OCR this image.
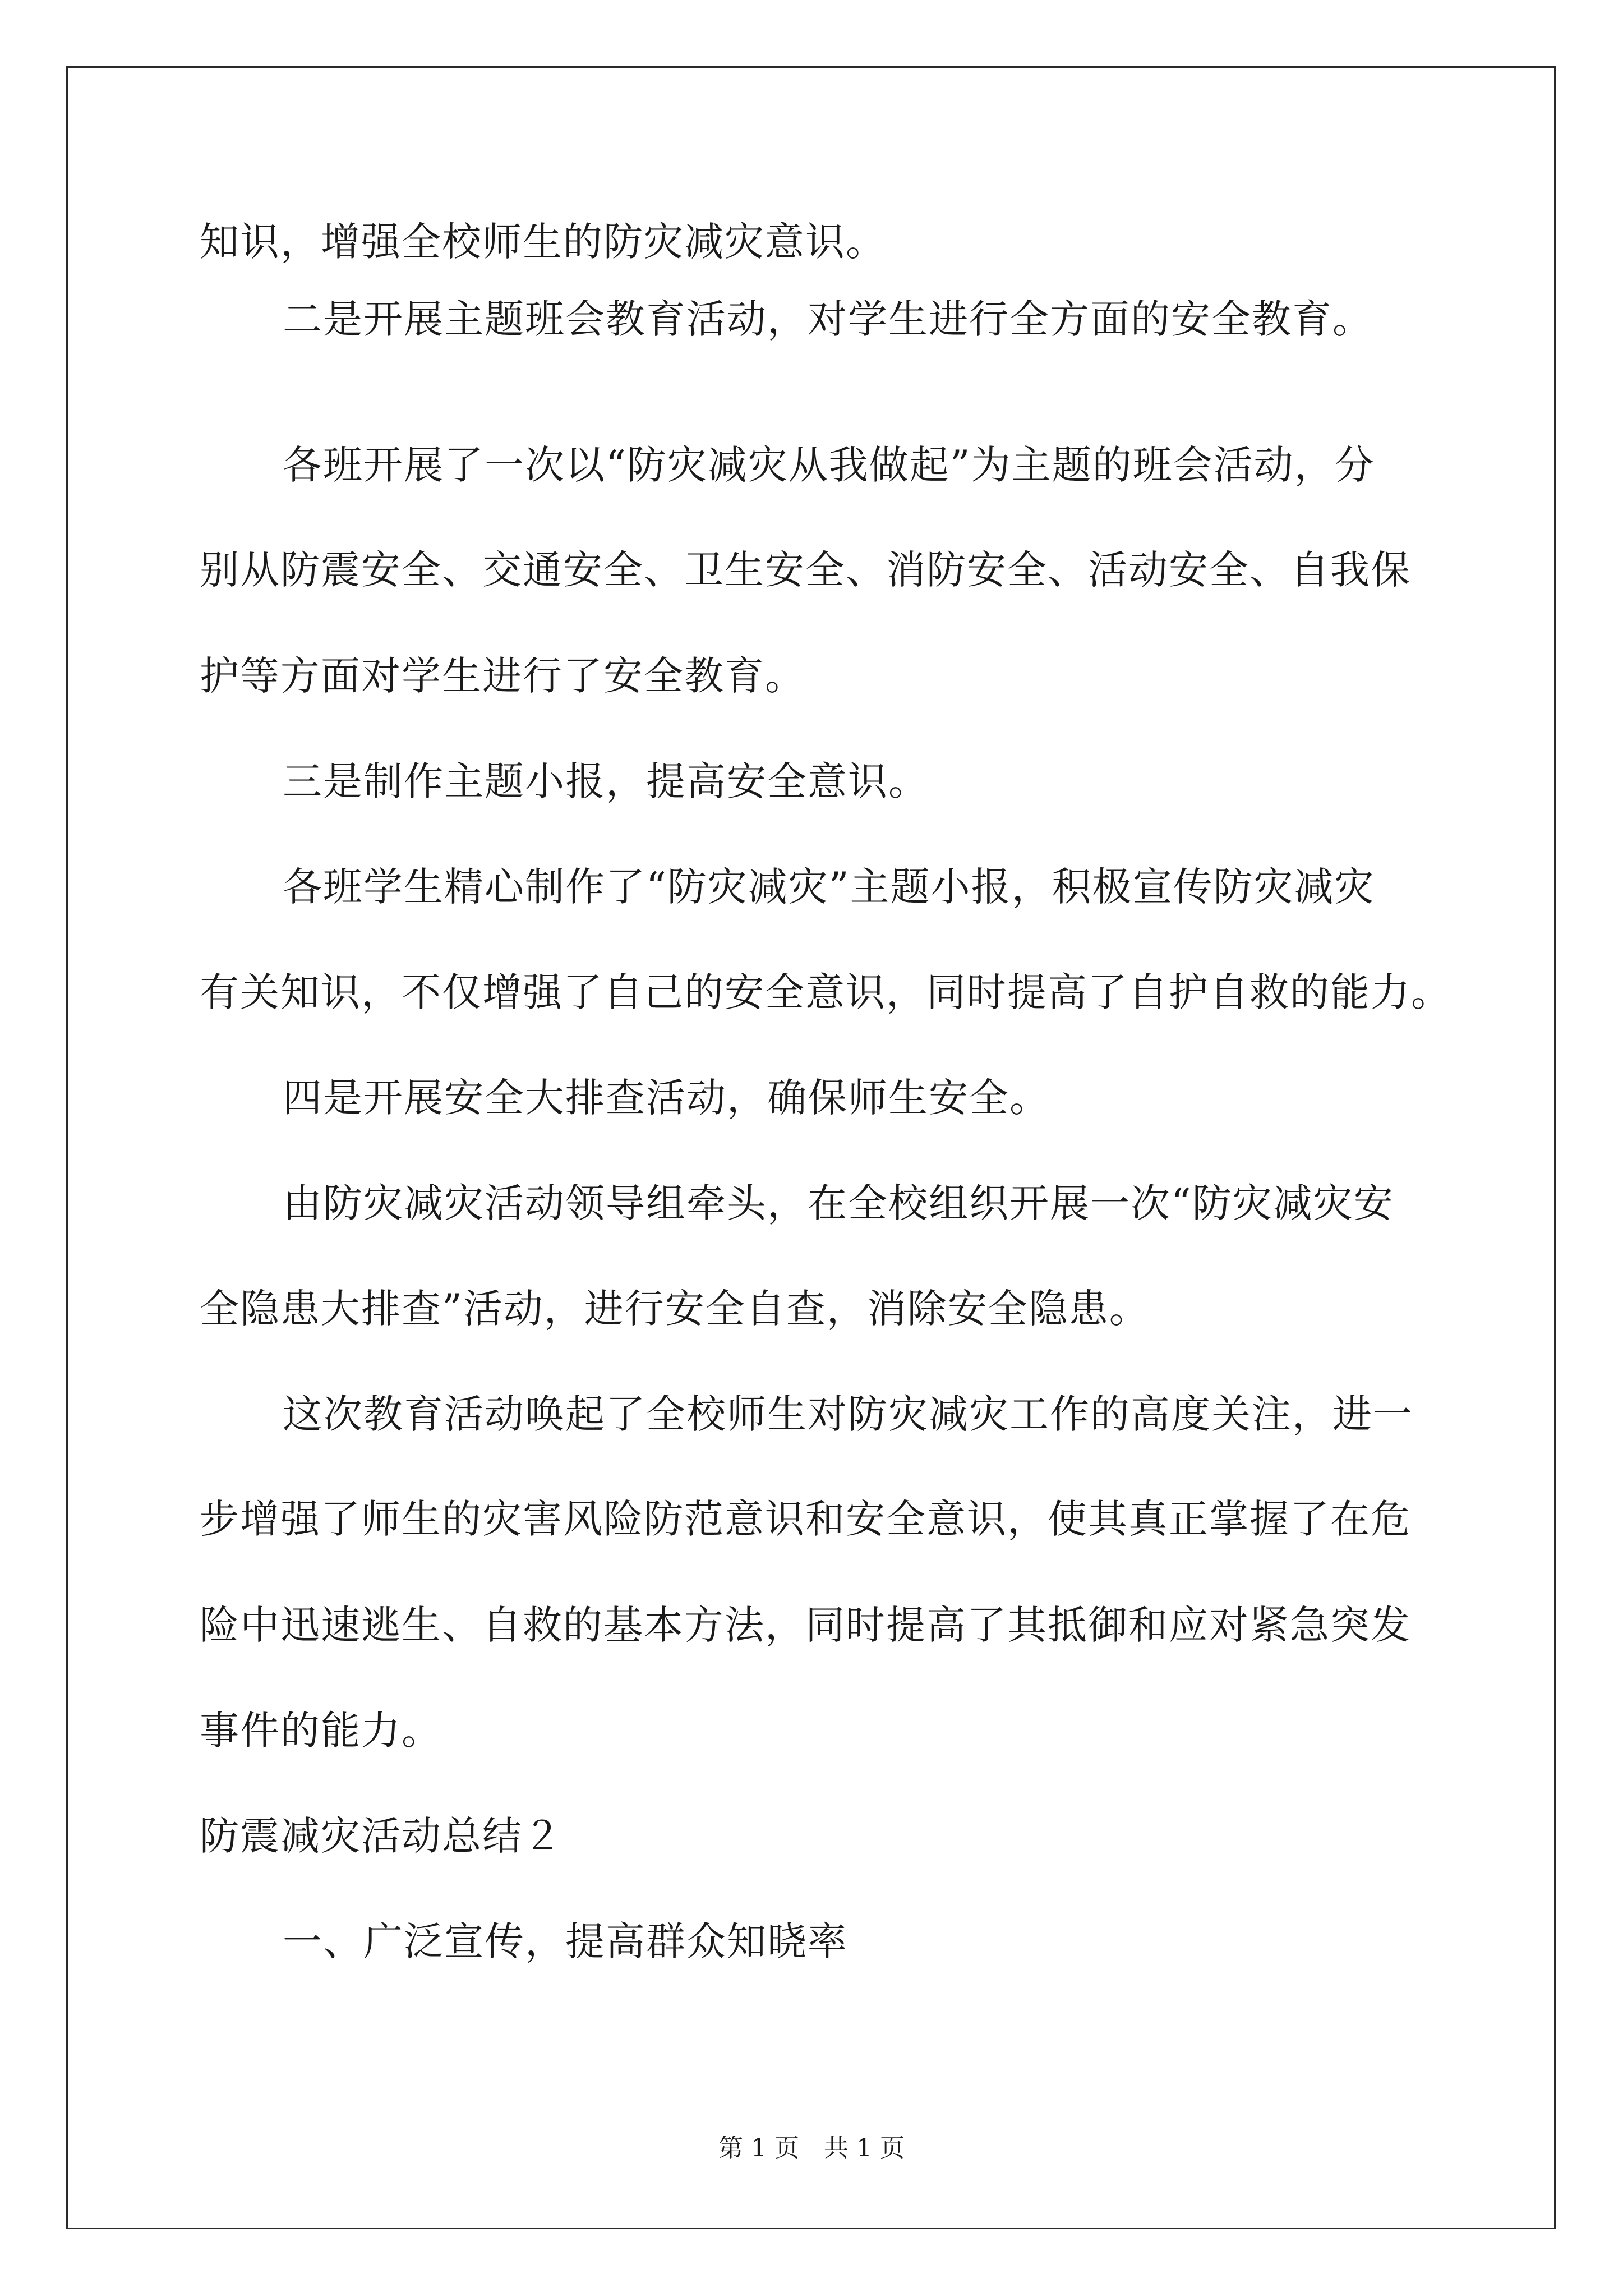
知识，增强全校师生的防灾减灾意识。
二是开展主题班会教育活动，对学生进行全方面的安全教育。
各班开展了一次以“防灾减灾从我做起”为主题的班会活动，分
别从防震安全、交通安全、卫生安全、消防安全、活动安全、自我保
护等方面对学生进行了安全教育。
三是制作主题小报，提高安全意识。
各班学生精心制作了“防灾减灾”主题小报，积极宣传防灾减灾
有关知识，不仅增强了自己的安全意识，同时提高了自护自救的能力。
四是开展安全大排查活动，确保师生安全。
由防灾减灾活动领导组牵头，在全校组织开展一次“防灾减灾安
全隐患大排查”活动，进行安全自查，消除安全隐患。
这次教育活动唤起了全校师生对防灾减灾工作的高度关注，进一
步增强了师生的灾害风险防范意识和安全意识，使其真正掌握了在危
险中迅速逃生、自救的基本方法，同时提高了其抵御和应对紧急突发
事件的能力。
防震减灾活动总结２
一、广泛宣传，提高群众知晓率
第 1 页 共 1 页
